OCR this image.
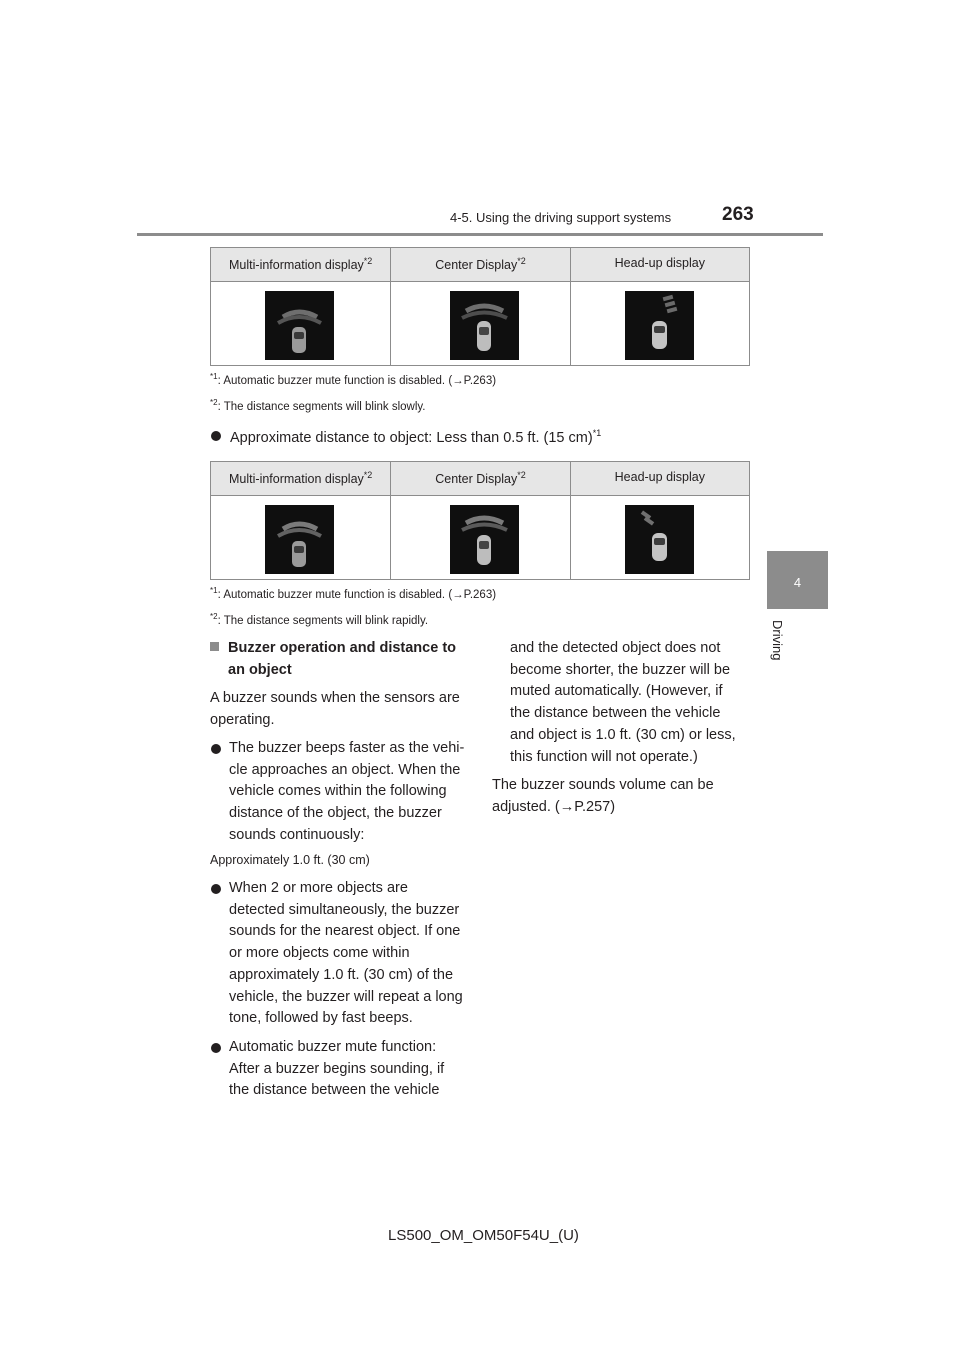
4-5. Using the driving support systems	263
4
Driving
Multi-information display$^{*2}$	Center Display$^{*2}$	Head-up display
$^{*1}$: Automatic buzzer mute function is disabled. (→P.263)
$^{*2}$: The distance segments will blink slowly.
Approximate distance to object: Less than 0.5 ft. (15 cm)$^{*1}$
Multi-information display$^{*2}$	Center Display$^{*2}$	Head-up display
$^{*1}$: Automatic buzzer mute function is disabled. (→P.263)
$^{*2}$: The distance segments will blink rapidly.
Buzzer operation and distance to
an object
A buzzer sounds when the sensors are
operating.
The buzzer beeps faster as the vehi-
cle approaches an object. When the
vehicle comes within the following
distance of the object, the buzzer
sounds continuously:
Approximately 1.0 ft. (30 cm)
When 2 or more objects are
detected simultaneously, the buzzer
sounds for the nearest object. If one
or more objects come within
approximately 1.0 ft. (30 cm) of the
vehicle, the buzzer will repeat a long
tone, followed by fast beeps.
Automatic buzzer mute function:
After a buzzer begins sounding, if
the distance between the vehicle
and the detected object does not
become shorter, the buzzer will be
muted automatically. (However, if
the distance between the vehicle
and object is 1.0 ft. (30 cm) or less,
this function will not operate.)
The buzzer sounds volume can be
adjusted. (→P.257)
LS500_OM_OM50F54U_(U)
